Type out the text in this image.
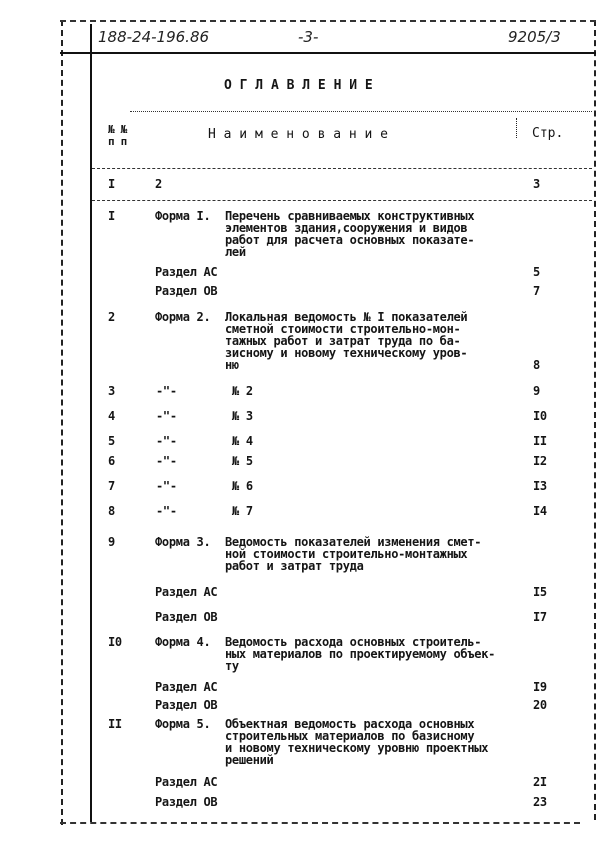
188-24-196.86	-3-	9205/3
О Г Л А В Л Е Н И Е
№ №
п п	Н а и м е н о в а н и е	Стр.
I	2	3
I	Форма I. Перечень сравниваемых конструктивных
элементов здания,сооружения и видов
работ для расчета основных показате-
лей
Раздел АС	5
Раздел ОВ	7
2	Форма 2. Локальная ведомость № I показателей
сметной стоимости строительно-мон-
тажных работ и затрат труда по ба-
зисному и новому техническому уров-
ню	8
3	-"-	№ 2	9
4	-"-	№ 3	I0
5	-"-	№ 4	II
6	-"-	№ 5	I2
7	-"-	№ 6	I3
8	-"-	№ 7	I4
9	Форма 3. Ведомость показателей изменения смет-
ной стоимости строительно-монтажных
работ и затрат труда
Раздел АС	I5
Раздел ОВ	I7
I0	Форма 4. Ведомость расхода основных строитель-
ных материалов по проектируемому объек-
ту
Раздел АС	I9
Раздел ОВ	20
II	Форма 5. Объектная ведомость расхода основных
строительных материалов по базисному
и новому техническому уровню проектных
решений
Раздел АС	2I
Раздел ОВ	23
